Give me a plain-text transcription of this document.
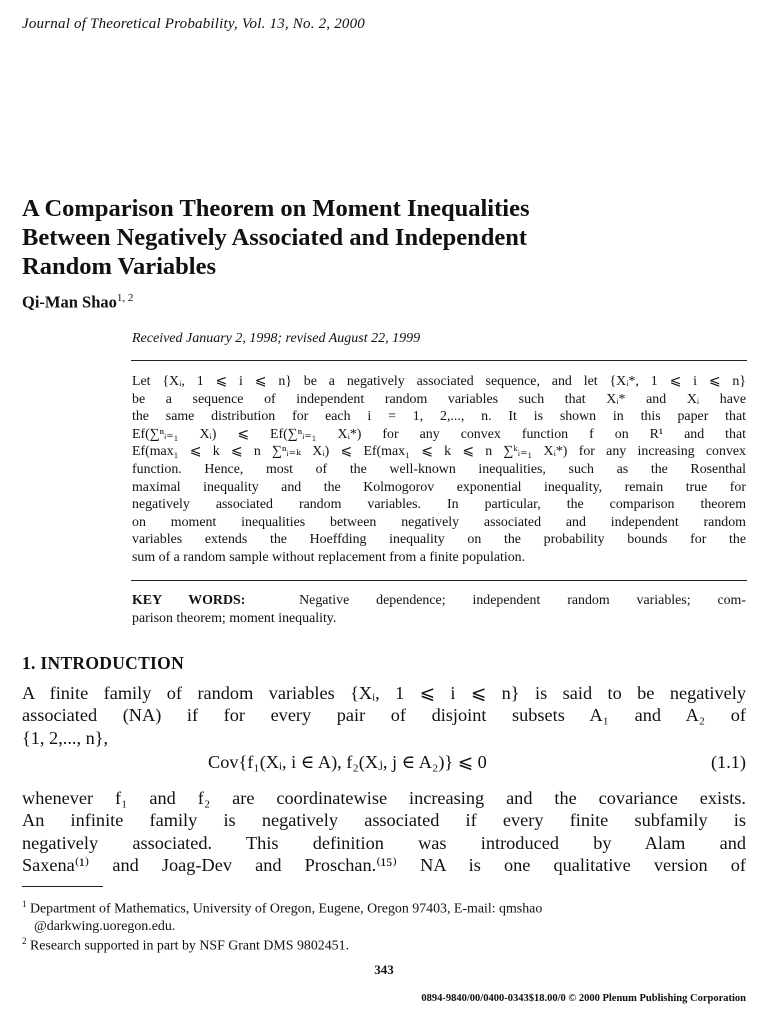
Journal of Theoretical Probability, Vol. 13, No. 2, 2000
A Comparison Theorem on Moment Inequalities
Between Negatively Associated and Independent
Random Variables
Qi-Man Shao$^{1, 2}$
Received January 2, 1998; revised August 22, 1999
Let {Xᵢ, 1 ⩽ i ⩽ n} be a negatively associated sequence, and let {Xᵢ*, 1 ⩽ i ⩽ n}
be a sequence of independent random variables such that Xᵢ* and Xᵢ have
the same distribution for each i = 1, 2,..., n. It is shown in this paper that
Ef(∑ⁿᵢ₌₁ Xᵢ) ⩽ Ef(∑ⁿᵢ₌₁ Xᵢ*) for any convex function f on R¹ and that
Ef(max₁ ⩽ k ⩽ n ∑ⁿᵢ₌ₖ Xᵢ) ⩽ Ef(max₁ ⩽ k ⩽ n ∑ᵏᵢ₌₁ Xᵢ*) for any increasing convex
function. Hence, most of the well-known inequalities, such as the Rosenthal
maximal inequality and the Kolmogorov exponential inequality, remain true for
negatively associated random variables. In particular, the comparison theorem
on moment inequalities between negatively associated and independent random
variables extends the Hoeffding inequality on the probability bounds for the
sum of a random sample without replacement from a finite population.
KEY WORDS:	Negative dependence; independent random variables; com-
parison theorem; moment inequality.
1. INTRODUCTION
A finite family of random variables {Xᵢ, 1 ⩽ i ⩽ n} is said to be negatively
associated (NA) if for every pair of disjoint subsets A₁ and A₂ of
{1, 2,..., n},
Cov{f₁(Xᵢ, i ∈ A), f₂(Xⱼ, j ∈ A₂)} ⩽ 0	(1.1)
whenever f₁ and f₂ are coordinatewise increasing and the covariance exists.
An infinite family is negatively associated if every finite subfamily is
negatively associated. This definition was introduced by Alam and
Saxena⁽¹⁾ and Joag-Dev and Proschan.⁽¹⁵⁾ NA is one qualitative version of
$^1$ Department of Mathematics, University of Oregon, Eugene, Oregon 97403, E-mail: qmshao
@darkwing.uoregon.edu.
$^2$ Research supported in part by NSF Grant DMS 9802451.
343
0894-9840/00/0400-0343$18.00/0 © 2000 Plenum Publishing Corporation
